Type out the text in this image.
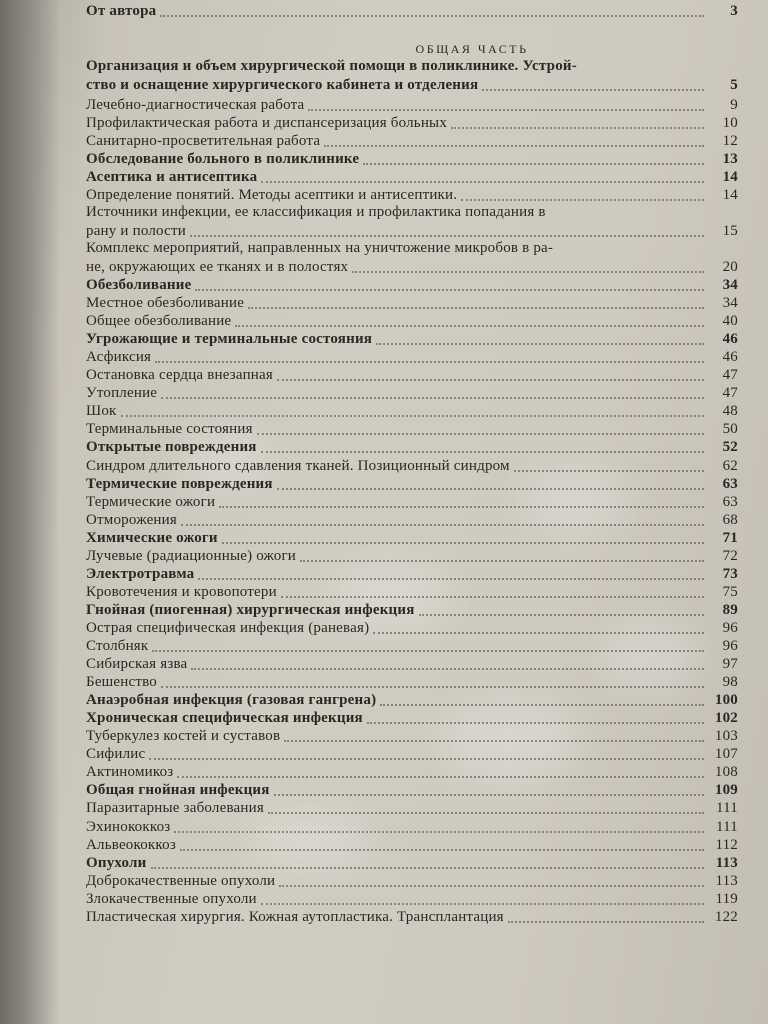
От автора	3
ОБЩАЯ ЧАСТЬ
Организация и объем хирургической помощи в поликлинике. Устрой-
ство и оснащение хирургического кабинета и отделения	5
Лечебно-диагностическая работа	9
Профилактическая работа и диспансеризация больных	10
Санитарно-просветительная работа	12
Обследование больного в поликлинике	13
Асептика и антисептика	14
Определение понятий. Методы асептики и антисептики.	14
Источники инфекции, ее классификация и профилактика попадания в
рану и полости	15
Комплекс мероприятий, направленных на уничтожение микробов в ра-
не, окружающих ее тканях и в полостях	20
Обезболивание	34
Местное обезболивание	34
Общее обезболивание	40
Угрожающие и терминальные состояния	46
Асфиксия	46
Остановка сердца внезапная	47
Утопление	47
Шок	48
Терминальные состояния	50
Открытые повреждения	52
Синдром длительного сдавления тканей. Позиционный синдром	62
Термические повреждения	63
Термические ожоги	63
Отморожения	68
Химические ожоги	71
Лучевые (радиационные) ожоги	72
Электротравма	73
Кровотечения и кровопотери	75
Гнойная (пиогенная) хирургическая инфекция	89
Острая специфическая инфекция (раневая)	96
Столбняк	96
Сибирская язва	97
Бешенство	98
Анаэробная инфекция (газовая гангрена)	100
Хроническая специфическая инфекция	102
Туберкулез костей и суставов	103
Сифилис	107
Актиномикоз	108
Общая гнойная инфекция	109
Паразитарные заболевания	111
Эхинококкоз	111
Альвеококкоз	112
Опухоли	113
Доброкачественные опухоли	113
Злокачественные опухоли	119
Пластическая хирургия. Кожная аутопластика. Трансплантация	122
